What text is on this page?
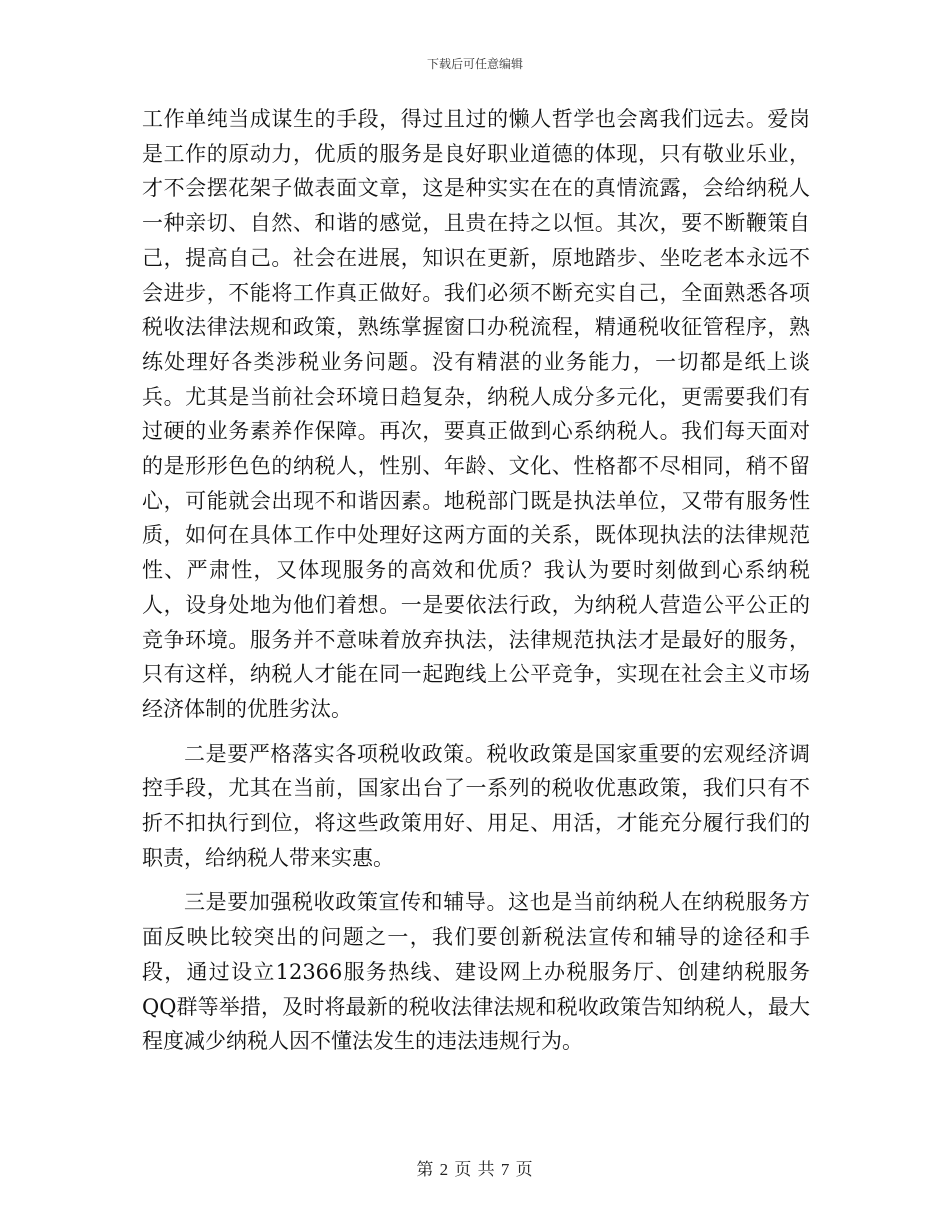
下载后可任意编辑

工作单纯当成谋生的手段，得过且过的懒人哲学也会离我们远去。爱岗是工作的原动力，优质的服务是良好职业道德的体现，只有敬业乐业，才不会摆花架子做表面文章，这是种实实在在的真情流露，会给纳税人一种亲切、自然、和谐的感觉，且贵在持之以恒。其次，要不断鞭策自己，提高自己。社会在进展，知识在更新，原地踏步、坐吃老本永远不会进步，不能将工作真正做好。我们必须不断充实自己，全面熟悉各项税收法律法规和政策，熟练掌握窗口办税流程，精通税收征管程序，熟练处理好各类涉税业务问题。没有精湛的业务能力，一切都是纸上谈兵。尤其是当前社会环境日趋复杂，纳税人成分多元化，更需要我们有过硬的业务素养作保障。再次，要真正做到心系纳税人。我们每天面对的是形形色色的纳税人，性别、年龄、文化、性格都不尽相同，稍不留心，可能就会出现不和谐因素。地税部门既是执法单位，又带有服务性质，如何在具体工作中处理好这两方面的关系，既体现执法的法律规范性、严肃性，又体现服务的高效和优质？我认为要时刻做到心系纳税人，设身处地为他们着想。一是要依法行政，为纳税人营造公平公正的竞争环境。服务并不意味着放弃执法，法律规范执法才是最好的服务，只有这样，纳税人才能在同一起跑线上公平竞争，实现在社会主义市场经济体制的优胜劣汰。

二是要严格落实各项税收政策。税收政策是国家重要的宏观经济调控手段，尤其在当前，国家出台了一系列的税收优惠政策，我们只有不折不扣执行到位，将这些政策用好、用足、用活，才能充分履行我们的职责，给纳税人带来实惠。

三是要加强税收政策宣传和辅导。这也是当前纳税人在纳税服务方面反映比较突出的问题之一，我们要创新税法宣传和辅导的途径和手段，通过设立12366服务热线、建设网上办税服务厅、创建纳税服务QQ群等举措，及时将最新的税收法律法规和税收政策告知纳税人，最大程度减少纳税人因不懂法发生的违法违规行为。

第 2 页 共 7 页
